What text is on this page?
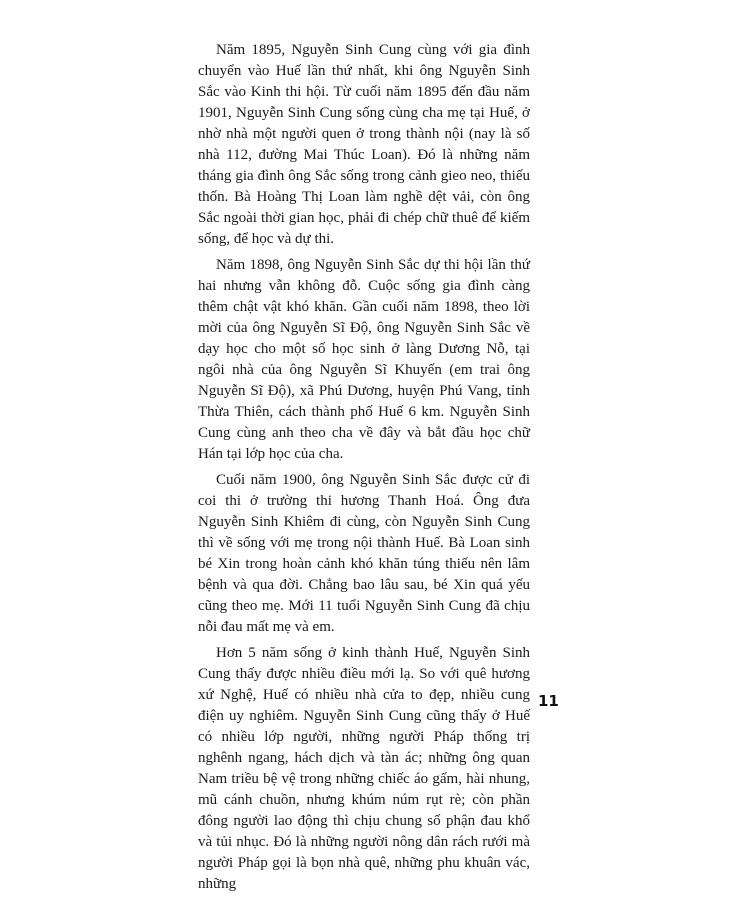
Năm 1895, Nguyễn Sinh Cung cùng với gia đình chuyển vào Huế lần thứ nhất, khi ông Nguyễn Sinh Sắc vào Kinh thi hội. Từ cuối năm 1895 đến đầu năm 1901, Nguyễn Sinh Cung sống cùng cha mẹ tại Huế, ở nhờ nhà một người quen ở trong thành nội (nay là số nhà 112, đường Mai Thúc Loan). Đó là những năm tháng gia đình ông Sắc sống trong cảnh gieo neo, thiếu thốn. Bà Hoàng Thị Loan làm nghề dệt vải, còn ông Sắc ngoài thời gian học, phải đi chép chữ thuê để kiếm sống, để học và dự thi.

Năm 1898, ông Nguyễn Sinh Sắc dự thi hội lần thứ hai nhưng vẫn không đỗ. Cuộc sống gia đình càng thêm chật vật khó khăn. Gần cuối năm 1898, theo lời mời của ông Nguyễn Sĩ Độ, ông Nguyễn Sinh Sắc về dạy học cho một số học sinh ở làng Dương Nỗ, tại ngôi nhà của ông Nguyễn Sĩ Khuyến (em trai ông Nguyễn Sĩ Độ), xã Phú Dương, huyện Phú Vang, tỉnh Thừa Thiên, cách thành phố Huế 6 km. Nguyễn Sinh Cung cùng anh theo cha về đây và bắt đầu học chữ Hán tại lớp học của cha.

Cuối năm 1900, ông Nguyễn Sinh Sắc được cử đi coi thi ở trường thi hương Thanh Hoá. Ông đưa Nguyễn Sinh Khiêm đi cùng, còn Nguyễn Sinh Cung thì về sống với mẹ trong nội thành Huế. Bà Loan sinh bé Xin trong hoàn cảnh khó khăn túng thiếu nên lâm bệnh và qua đời. Chẳng bao lâu sau, bé Xin quá yếu cũng theo mẹ. Mới 11 tuổi Nguyễn Sinh Cung đã chịu nỗi đau mất mẹ và em.

Hơn 5 năm sống ở kinh thành Huế, Nguyễn Sinh Cung thấy được nhiều điều mới lạ. So với quê hương xứ Nghệ, Huế có nhiều nhà cửa to đẹp, nhiều cung điện uy nghiêm. Nguyễn Sinh Cung cũng thấy ở Huế có nhiều lớp người, những người Pháp thống trị nghênh ngang, hách dịch và tàn ác; những ông quan Nam triều bệ vệ trong những chiếc áo gấm, hài nhung, mũ cánh chuồn, nhưng khúm núm rụt rè; còn phần đông người lao động thì chịu chung số phận đau khổ và tủi nhục. Đó là những người nông dân rách rưới mà người Pháp gọi là bọn nhà quê, những phu khuân vác, những

11
